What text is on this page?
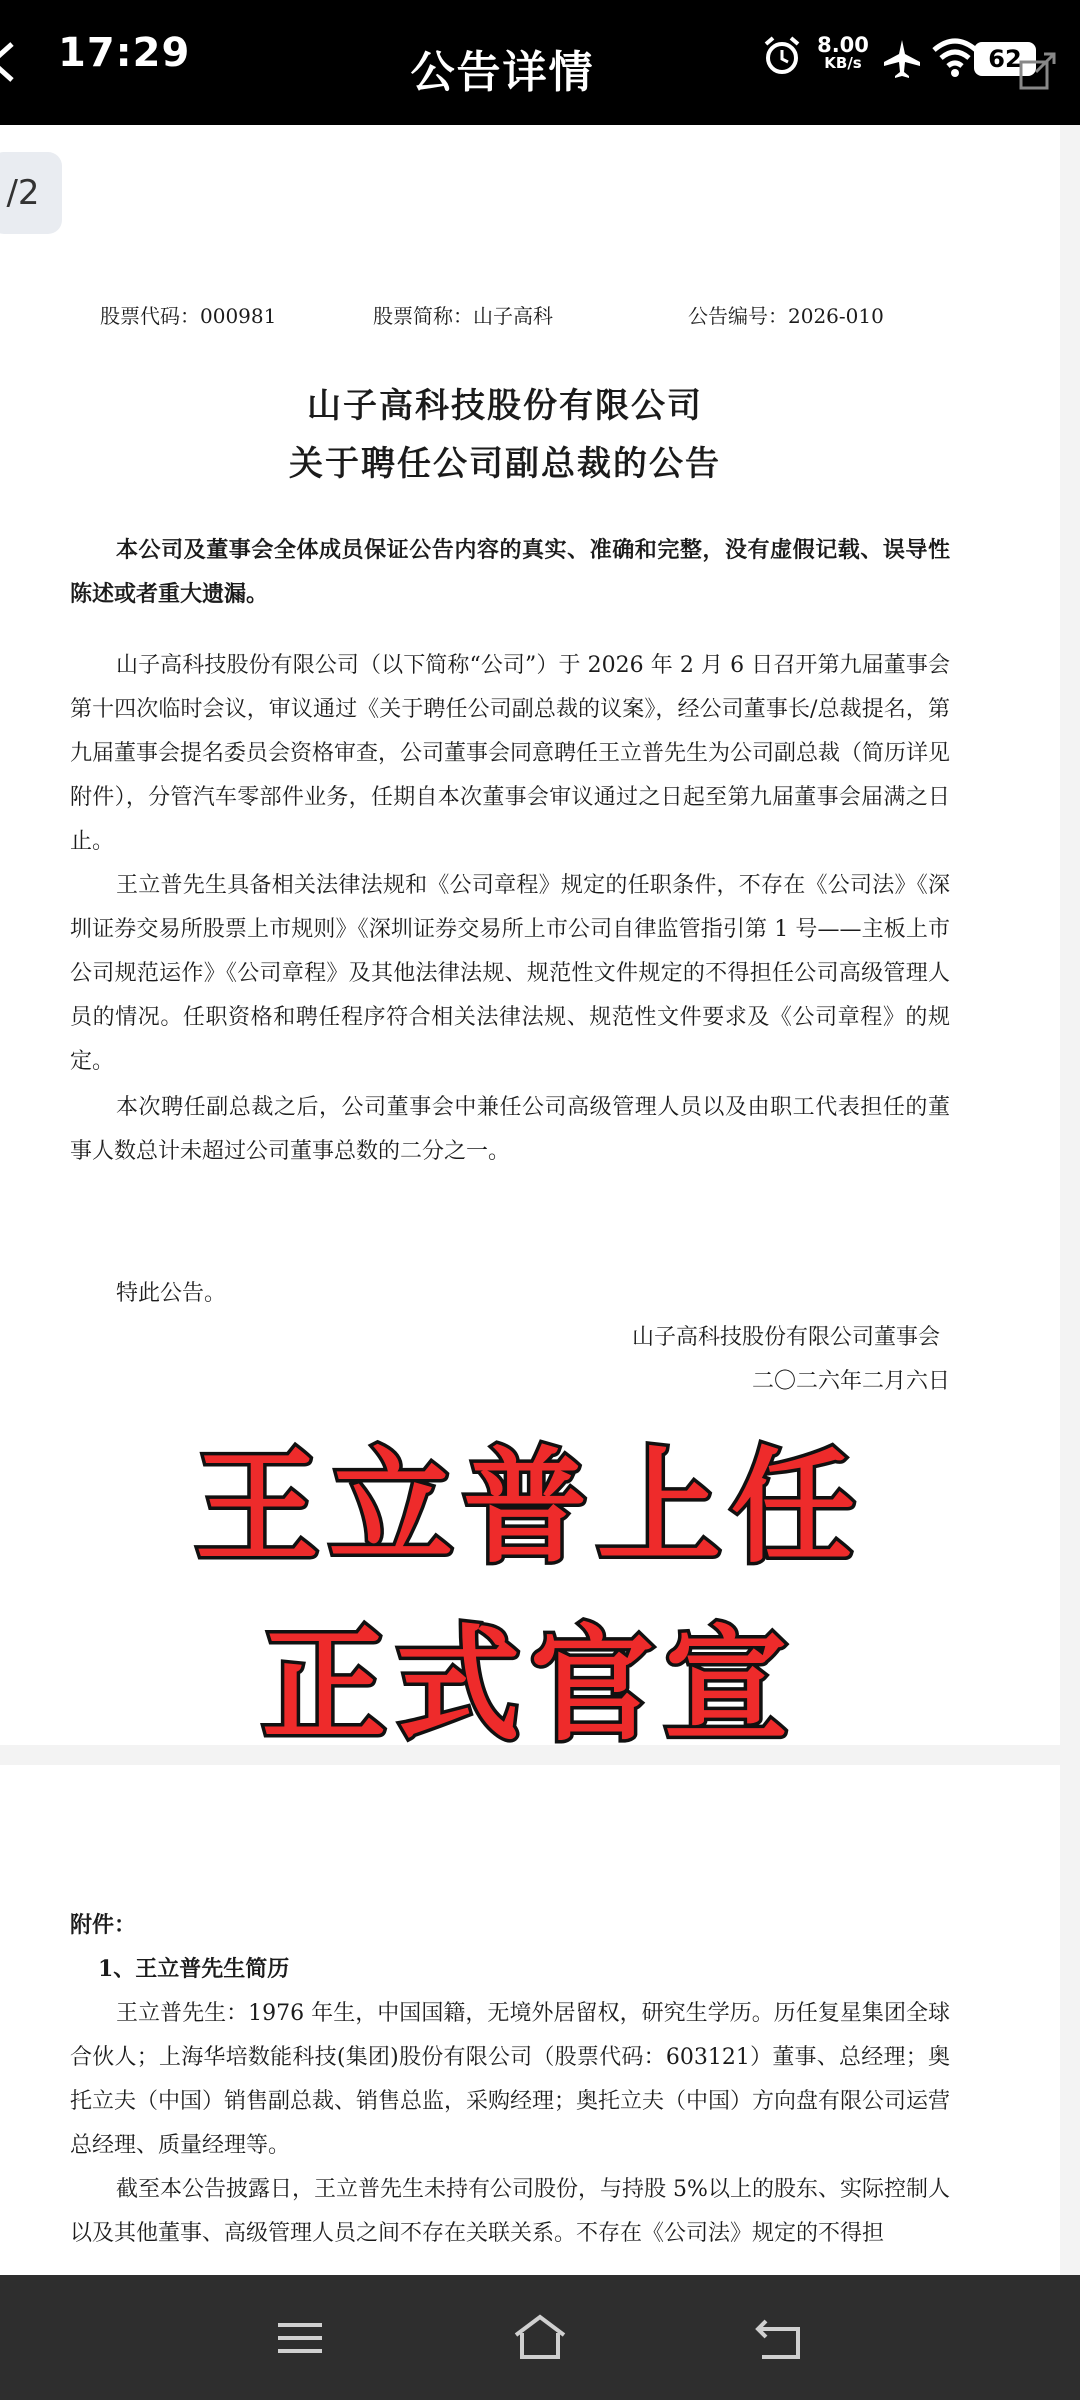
17:29	公告详情
8.00
KB/s	62
/2
股票代码：000981	股票简称：山子高科	公告编号：2026-010
山子高科技股份有限公司
关于聘任公司副总裁的公告
本公司及董事会全体成员保证公告内容的真实、准确和完整，没有虚假记载、误导性陈述或者重大遗漏。
山子高科技股份有限公司（以下简称“公司”）于 2026 年 2 月 6 日召开第九届董事会第十四次临时会议，审议通过《关于聘任公司副总裁的议案》，经公司董事长/总裁提名，第九届董事会提名委员会资格审查，公司董事会同意聘任王立普先生为公司副总裁（简历详见附件），分管汽车零部件业务，任期自本次董事会审议通过之日起至第九届董事会届满之日止。
王立普先生具备相关法律法规和《公司章程》规定的任职条件，不存在《公司法》《深圳证券交易所股票上市规则》《深圳证券交易所上市公司自律监管指引第 1 号——主板上市公司规范运作》《公司章程》及其他法律法规、规范性文件规定的不得担任公司高级管理人员的情况。任职资格和聘任程序符合相关法律法规、规范性文件要求及《公司章程》的规定。
本次聘任副总裁之后，公司董事会中兼任公司高级管理人员以及由职工代表担任的董事人数总计未超过公司董事总数的二分之一。
特此公告。
山子高科技股份有限公司董事会
二〇二六年二月六日
王立普上任
正式官宣
附件：
1、王立普先生简历
王立普先生：1976 年生，中国国籍，无境外居留权，研究生学历。历任复星集团全球合伙人；上海华培数能科技(集团)股份有限公司（股票代码：603121）董事、总经理；奥托立夫（中国）销售副总裁、销售总监，采购经理；奥托立夫（中国）方向盘有限公司运营总经理、质量经理等。
截至本公告披露日，王立普先生未持有公司股份，与持股 5%以上的股东、实际控制人以及其他董事、高级管理人员之间不存在关联关系。不存在《公司法》规定的不得担
